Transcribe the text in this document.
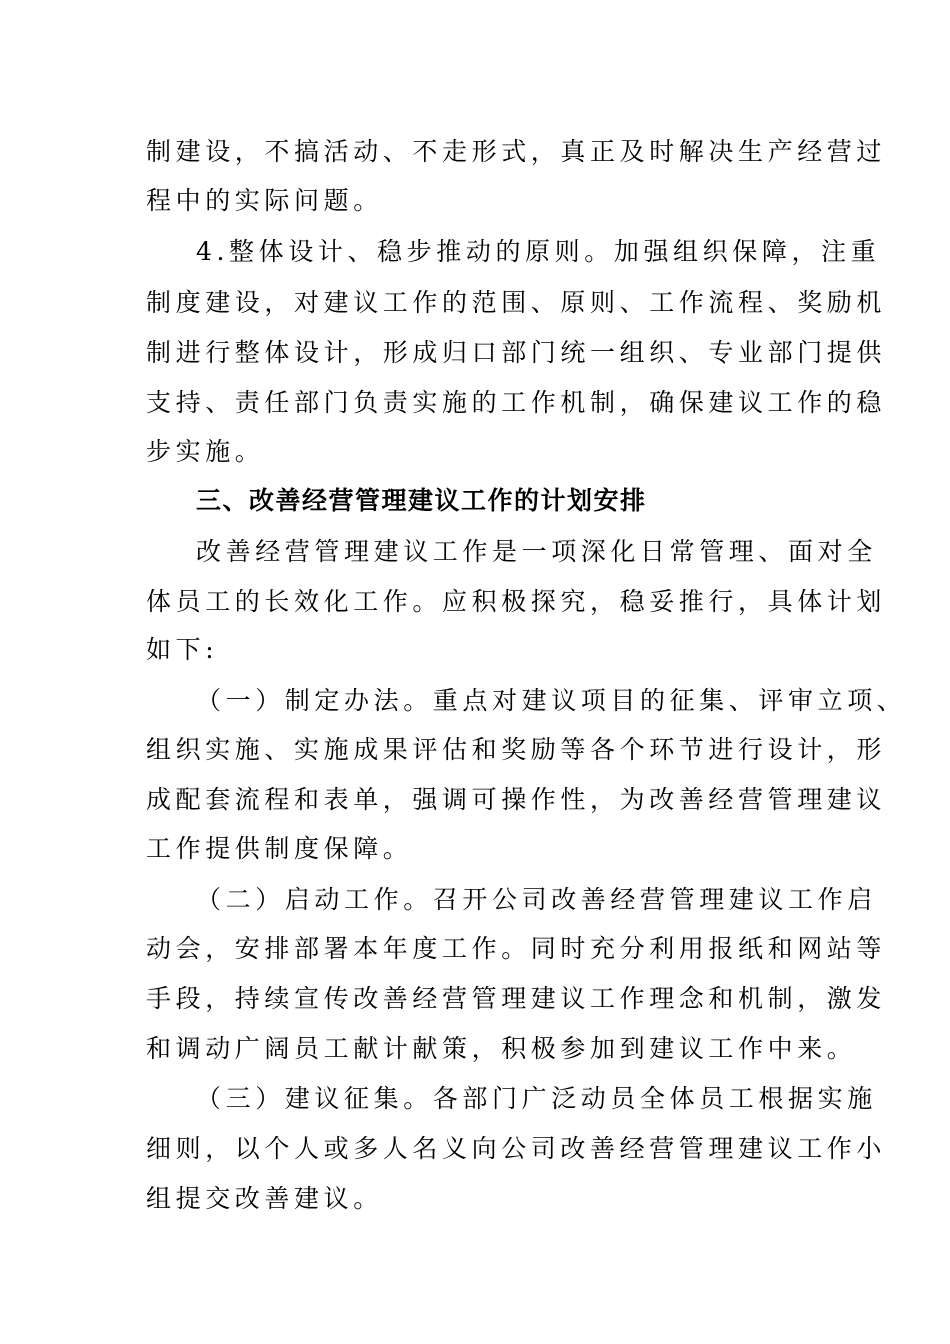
制建设，不搞活动、不走形式，真正及时解决生产经营过
程中的实际问题。
4.整体设计、稳步推动的原则。加强组织保障，注重
制度建设，对建议工作的范围、原则、工作流程、奖励机
制进行整体设计，形成归口部门统一组织、专业部门提供
支持、责任部门负责实施的工作机制，确保建议工作的稳
步实施。
三、改善经营管理建议工作的计划安排
改善经营管理建议工作是一项深化日常管理、面对全
体员工的长效化工作。应积极探究，稳妥推行，具体计划
如下:
（一）制定办法。重点对建议项目的征集、评审立项、
组织实施、实施成果评估和奖励等各个环节进行设计，形
成配套流程和表单，强调可操作性，为改善经营管理建议
工作提供制度保障。
（二）启动工作。召开公司改善经营管理建议工作启
动会，安排部署本年度工作。同时充分利用报纸和网站等
手段，持续宣传改善经营管理建议工作理念和机制，激发
和调动广阔员工献计献策，积极参加到建议工作中来。
（三）建议征集。各部门广泛动员全体员工根据实施
细则，以个人或多人名义向公司改善经营管理建议工作小
组提交改善建议。
